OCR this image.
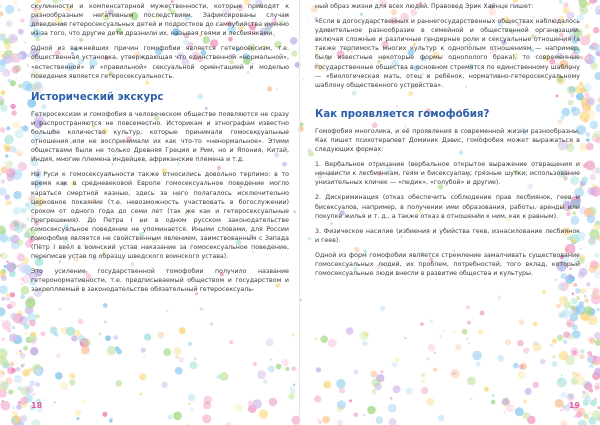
скулинности и компенсаторной мужественности, которые приводят к разнообразным негативным последствиям. Зафиксированы случаи доведения гетеросексуальных детей и подростков до самоубийства именно из-за того, что другие дети дразнили их, называя геями и лесбиянками.

Одной из важнейших причин гомофобии является гетеросексизм, т.е. общественная установка, утверждающая что единственной «нормальной», «естественной» и «правильной» сексуальной ориентацией и моделью поведения является гетеросексуальность.

Исторический экскурс

Гетеросексизм и гомофобия в человеческом обществе появляются не сразу и распространяются не повсеместно. Историкам и этнографам известно большое количество культур, которые принимали гомосексуальные отношения или не воспринимали их как что-то «ненормальное». Этими обществами были не только Древняя Греция и Рим, но и Япония, Китай, Индия, многие племена индейцев, африканские племена и т.д.

На Руси к гомосексуальности также относились довольно терпимо: в то время как в средневековой Европе гомосексуальное поведение могло караться смертной казнью, здесь за него полагалось исключительно церковное покаяние (т.е. невозможность участвовать в богослужении) сроком от одного года до семи лет (так же как и гетеросексуальные прегрешения). До Петра I ни в одном русском законодательстве гомосексуальное поведение не упоминается. Иными словами, для России гомофобия является не свойственным явлением, заимствованным с Запада (Пётр I ввёл в воинский устав наказание за гомосексуальное поведение, переписав устав по образцу шведского воинского устава).

Это усиление государственной гомофобии получило название гетеронормативности, т.е. предписываемый обществом и государством и закрепляемый в законодательстве обязательный гетеросексуаль-

18

ный образ жизни для всех людей. Правовед Эрик Хайнце пишет:

«Если в догосударственных и раннегосударственных обществах наблюдалось удивительное разнообразие в семейной и общественной организации, включая сложные и различные гендерные роли и сексуальные отношения (а также терпимость многих культур к однополым отношениям — например, были известные некоторые формы однополого брака), то современные государственные общества в основном стремятся по единственному шаблону — «биологическая мать, отец и ребёнок, нормативно-гетеросексуальному шаблону общественного устройства».

Как проявляется гомофобия?

Гомофобия многолика, и её проявления в современной жизни разнообразны. Как пишет психотерапевт Доминик Дэвис, гомофобия может выражаться в следующих формах:

1. Вербальное отрицание (вербальное открытое выражение отвращения и ненависти к лесбиянкам, геям и бисексуалам; грязные шутки; использование унизительных кличек — «педик», «голубой» и другие).

2. Дискриминация (отказ обеспечить соблюдение прав лесбиянок, геев и бисексуалов, например, в получении ими образования, работы, аренды или покупке жилья и т. д., а также отказ в отношении к ним, как к равным).

3. Физическое насилие (избиения и убийства геев, изнасилование лесбиянок и геев).

Одной из форм гомофобии является стремление замалчивать существование гомосексуальных людей, их проблем, потребностей, того вклад, который гомосексуальные люди внесли в развитие общества и культуры.

19
